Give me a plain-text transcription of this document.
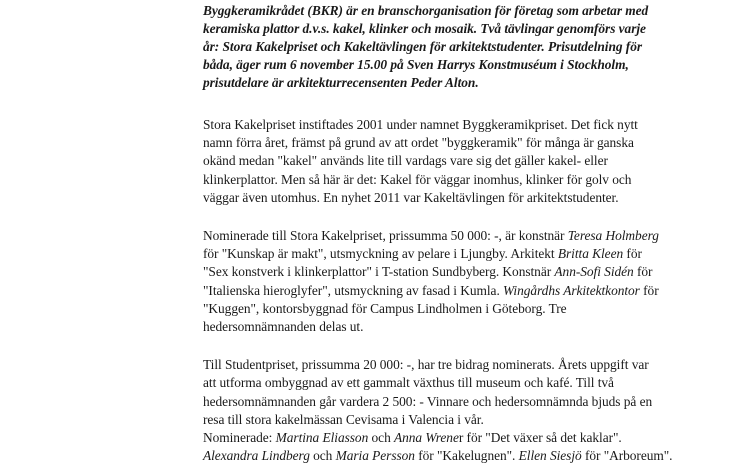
Byggkeramikrådet (BKR) är en branschorganisation för företag som arbetar med
keramiska plattor d.v.s. kakel, klinker och mosaik. Två tävlingar genomförs varje
år: Stora Kakelpriset och Kakeltävlingen för arkitektstudenter. Prisutdelning för
båda, äger rum 6 november 15.00 på Sven Harrys Konstmuséum i Stockholm,
prisutdelare är arkitekturrecensenten Peder Alton.

Stora Kakelpriset instiftades 2001 under namnet Byggkeramikpriset. Det fick nytt
namn förra året, främst på grund av att ordet "byggkeramik" för många är ganska
okänd medan "kakel" används lite till vardags vare sig det gäller kakel- eller
klinkerplattor. Men så här är det: Kakel för väggar inomhus, klinker för golv och
väggar även utomhus. En nyhet 2011 var Kakeltävlingen för arkitektstudenter.

Nominerade till Stora Kakelpriset, prissumma 50 000: -, är konstnär Teresa Holmberg
för "Kunskap är makt", utsmyckning av pelare i Ljungby. Arkitekt Britta Kleen för
"Sex konstverk i klinkerplattor" i T-station Sundbyberg. Konstnär Ann-Sofi Sidén för
"Italienska hieroglyfer", utsmyckning av fasad i Kumla. Wingårdhs Arkitektkontor för
"Kuggen", kontorsbyggnad för Campus Lindholmen i Göteborg. Tre
hedersomnämnanden delas ut.

Till Studentpriset, prissumma 20 000: -, har tre bidrag nominerats. Årets uppgift var
att utforma ombyggnad av ett gammalt växthus till museum och kafé. Till två
hedersomnämnanden går vardera 2 500: - Vinnare och hedersomnämnda bjuds på en
resa till stora kakelmässan Cevisama i Valencia i vår.
Nominerade: Martina Eliasson och Anna Wrener för "Det växer så det kaklar".
Alexandra Lindberg och Maria Persson för "Kakelugnen". Ellen Siesjö för "Arboreum".
